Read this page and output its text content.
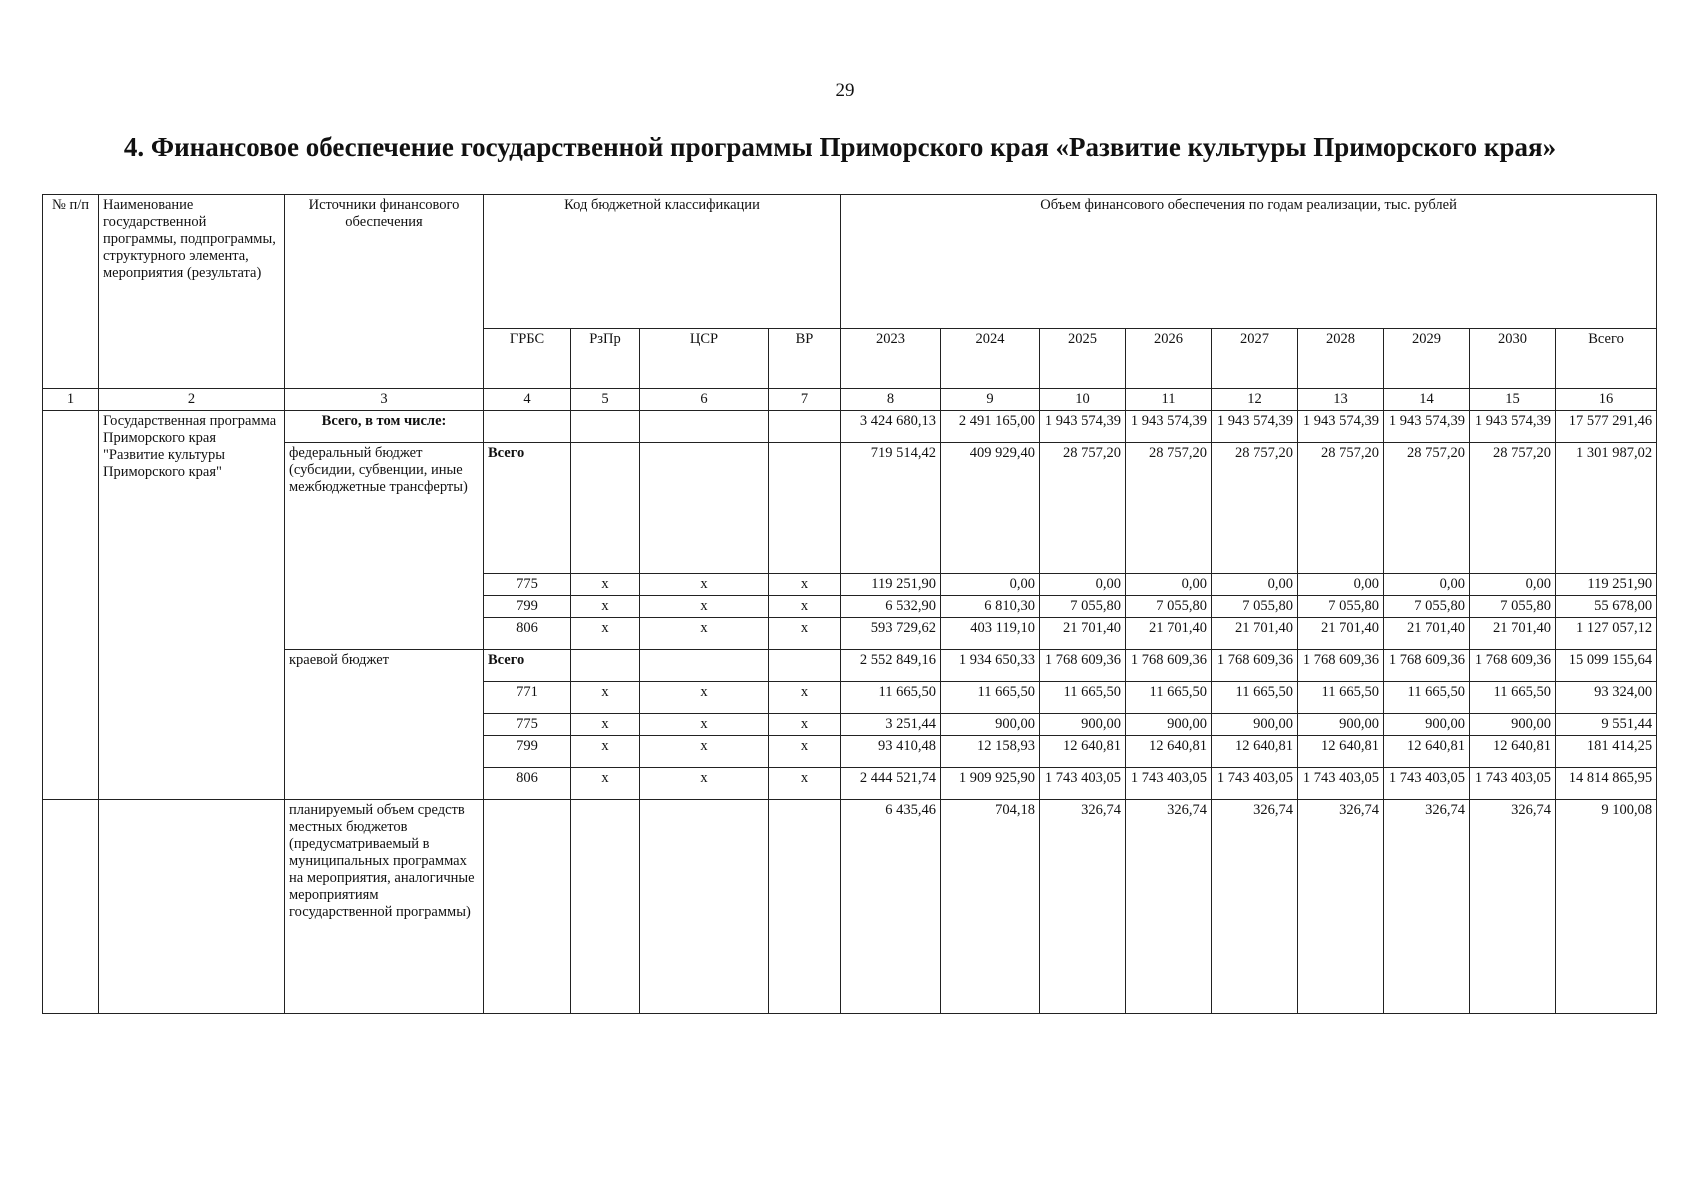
29
4. Финансовое обеспечение государственной программы Приморского края «Развитие культуры Приморского края»
№ п/п	Наименование государственной программы, подпрограммы, структурного элемента, мероприятия (результата)	Источники финансового обеспечения	Код бюджетной классификации				Объем финансового обеспечения по годам реализации, тыс. рублей								
			ГРБС	РзПр	ЦСР	ВР	2023	2024	2025	2026	2027	2028	2029	2030	Всего
1	2	3	4	5	6	7	8	9	10	11	12	13	14	15	16
	Государственная программа Приморского края "Развитие культуры Приморского края"	Всего, в том числе:					3 424 680,13	2 491 165,00	1 943 574,39	1 943 574,39	1 943 574,39	1 943 574,39	1 943 574,39	1 943 574,39	17 577 291,46
		федеральный бюджет (субсидии, субвенции, иные межбюджетные трансферты)	Всего				719 514,42	409 929,40	28 757,20	28 757,20	28 757,20	28 757,20	28 757,20	28 757,20	1 301 987,02
			775	x	x	x	119 251,90	0,00	0,00	0,00	0,00	0,00	0,00	0,00	119 251,90
			799	x	x	x	6 532,90	6 810,30	7 055,80	7 055,80	7 055,80	7 055,80	7 055,80	7 055,80	55 678,00
			806	x	x	x	593 729,62	403 119,10	21 701,40	21 701,40	21 701,40	21 701,40	21 701,40	21 701,40	1 127 057,12
		краевой бюджет	Всего				2 552 849,16	1 934 650,33	1 768 609,36	1 768 609,36	1 768 609,36	1 768 609,36	1 768 609,36	1 768 609,36	15 099 155,64
			771	x	x	x	11 665,50	11 665,50	11 665,50	11 665,50	11 665,50	11 665,50	11 665,50	11 665,50	93 324,00
			775	x	x	x	3 251,44	900,00	900,00	900,00	900,00	900,00	900,00	900,00	9 551,44
			799	x	x	x	93 410,48	12 158,93	12 640,81	12 640,81	12 640,81	12 640,81	12 640,81	12 640,81	181 414,25
			806	x	x	x	2 444 521,74	1 909 925,90	1 743 403,05	1 743 403,05	1 743 403,05	1 743 403,05	1 743 403,05	1 743 403,05	14 814 865,95
		планируемый объем средств местных бюджетов (предусматриваемый в муниципальных программах на мероприятия, аналогичные мероприятиям государственной программы)					6 435,46	704,18	326,74	326,74	326,74	326,74	326,74	326,74	9 100,08
